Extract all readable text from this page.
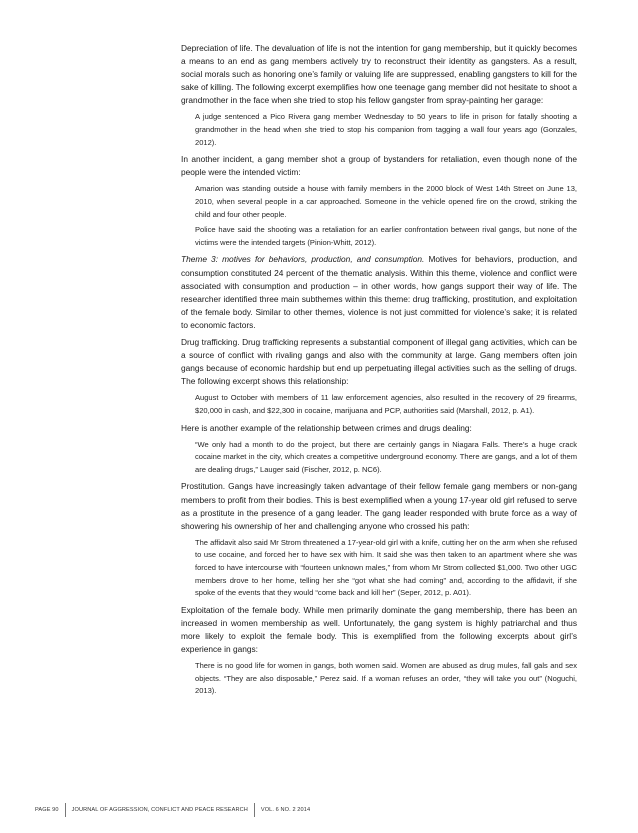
Depreciation of life. The devaluation of life is not the intention for gang membership, but it quickly becomes a means to an end as gang members actively try to reconstruct their identity as gangsters. As a result, social morals such as honoring one’s family or valuing life are suppressed, enabling gangsters to kill for the sake of killing. The following excerpt exemplifies how one teenage gang member did not hesitate to shoot a grandmother in the face when she tried to stop his fellow gangster from spray-painting her garage:

A judge sentenced a Pico Rivera gang member Wednesday to 50 years to life in prison for fatally shooting a grandmother in the head when she tried to stop his companion from tagging a wall four years ago (Gonzales, 2012).

In another incident, a gang member shot a group of bystanders for retaliation, even though none of the people were the intended victim:

Amarion was standing outside a house with family members in the 2000 block of West 14th Street on June 13, 2010, when several people in a car approached. Someone in the vehicle opened fire on the crowd, striking the child and four other people.

Police have said the shooting was a retaliation for an earlier confrontation between rival gangs, but none of the victims were the intended targets (Pinion-Whitt, 2012).

Theme 3: motives for behaviors, production, and consumption. Motives for behaviors, production, and consumption constituted 24 percent of the thematic analysis. Within this theme, violence and conflict were associated with consumption and production – in other words, how gangs support their way of life. The researcher identified three main subthemes within this theme: drug trafficking, prostitution, and exploitation of the female body. Similar to other themes, violence is not just committed for violence’s sake; it is related to economic factors.

Drug trafficking. Drug trafficking represents a substantial component of illegal gang activities, which can be a source of conflict with rivaling gangs and also with the community at large. Gang members often join gangs because of economic hardship but end up perpetuating illegal activities such as the selling of drugs. The following excerpt shows this relationship:

August to October with members of 11 law enforcement agencies, also resulted in the recovery of 29 firearms, $20,000 in cash, and $22,300 in cocaine, marijuana and PCP, authorities said (Marshall, 2012, p. A1).

Here is another example of the relationship between crimes and drugs dealing:

“We only had a month to do the project, but there are certainly gangs in Niagara Falls. There’s a huge crack cocaine market in the city, which creates a competitive underground economy. There are gangs, and a lot of them are dealing drugs,” Lauger said (Fischer, 2012, p. NC6).

Prostitution. Gangs have increasingly taken advantage of their fellow female gang members or non-gang members to profit from their bodies. This is best exemplified when a young 17-year old girl refused to serve as a prostitute in the presence of a gang leader. The gang leader responded with brute force as a way of showering his ownership of her and challenging anyone who crossed his path:

The affidavit also said Mr Strom threatened a 17-year-old girl with a knife, cutting her on the arm when she refused to use cocaine, and forced her to have sex with him. It said she was then taken to an apartment where she was forced to have intercourse with “fourteen unknown males,” from whom Mr Strom collected $1,000. Two other UGC members drove to her home, telling her she “got what she had coming” and, according to the affidavit, if she spoke of the events that they would “come back and kill her” (Seper, 2012, p. A01).

Exploitation of the female body. While men primarily dominate the gang membership, there has been an increased in women membership as well. Unfortunately, the gang system is highly patriarchal and thus more likely to exploit the female body. This is exemplified from the following excerpts about girl’s experience in gangs:

There is no good life for women in gangs, both women said. Women are abused as drug mules, fall gals and sex objects. “They are also disposable,” Perez said. If a woman refuses an order, “they will take you out” (Noguchi, 2013).

PAGE 90 JOURNAL OF AGGRESSION, CONFLICT AND PEACE RESEARCH VOL. 6 NO. 2 2014
